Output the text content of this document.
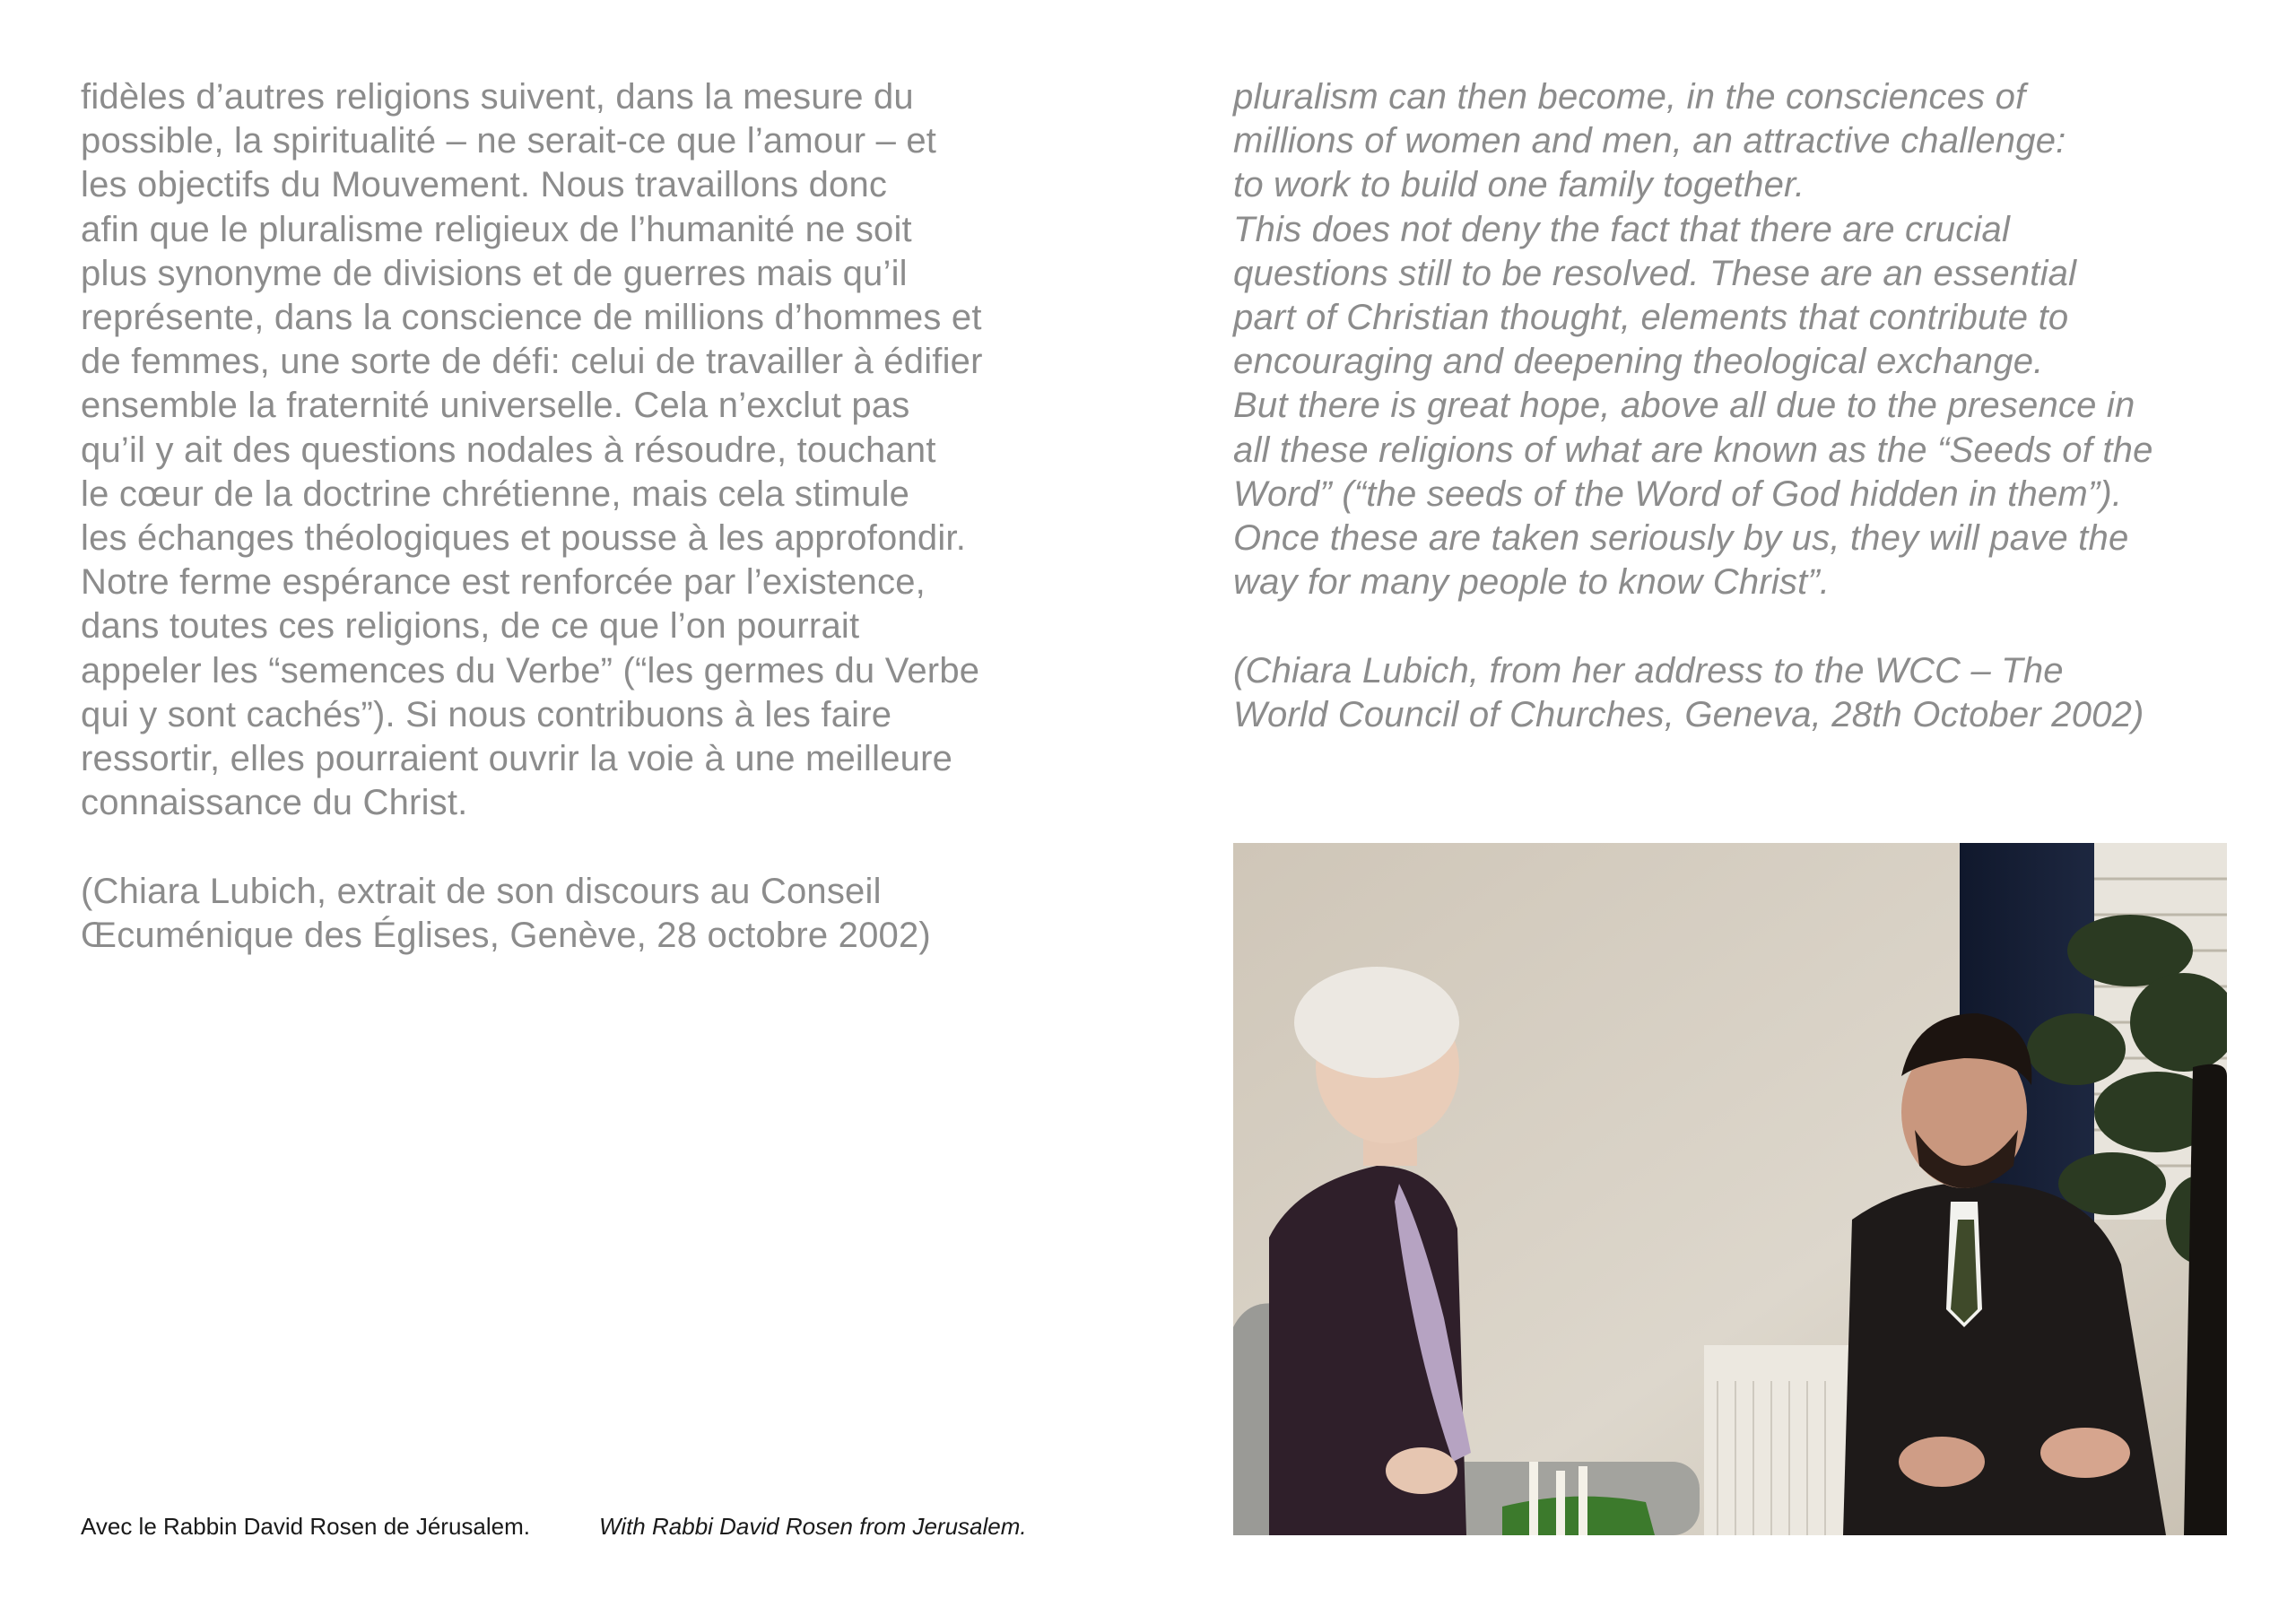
fidèles d’autres religions suivent, dans la mesure du
possible, la spiritualité – ne serait-ce que l’amour – et
les objectifs du Mouvement. Nous travaillons donc
afin que le pluralisme religieux de l’humanité ne soit
plus synonyme de divisions et de guerres mais qu’il
représente, dans la conscience de millions d’hommes et
de femmes, une sorte de défi: celui de travailler à édifier
ensemble la fraternité universelle. Cela n’exclut pas
qu’il y ait des questions nodales à résoudre, touchant
le cœur de la doctrine chrétienne, mais cela stimule
les échanges théologiques et pousse à les approfondir.
Notre ferme espérance est renforcée par l’existence,
dans toutes ces religions, de ce que l’on pourrait
appeler les “semences du Verbe” (“les germes du Verbe
qui y sont cachés”). Si nous contribuons à les faire
ressortir, elles pourraient ouvrir la voie à une meilleure
connaissance du Christ.
(Chiara Lubich, extrait de son discours au Conseil
Œcuménique des Églises, Genève, 28 octobre 2002)
pluralism can then become, in the consciences of
millions of women and men, an attractive challenge:
to work to build one family together.
This does not deny the fact that there are crucial
questions still to be resolved. These are an essential
part of Christian thought, elements that contribute to
encouraging and deepening theological exchange.
But there is great hope, above all due to the presence in
all these religions of what are known as the “Seeds of the
Word” (“the seeds of the Word of God hidden in them”).
Once these are taken seriously by us, they will pave the
way for many people to know Christ”.
(Chiara Lubich, from her address to the WCC – The
World Council of Churches, Geneva, 28th October 2002)
Avec le Rabbin David Rosen de Jérusalem.	With Rabbi David Rosen from Jerusalem.
